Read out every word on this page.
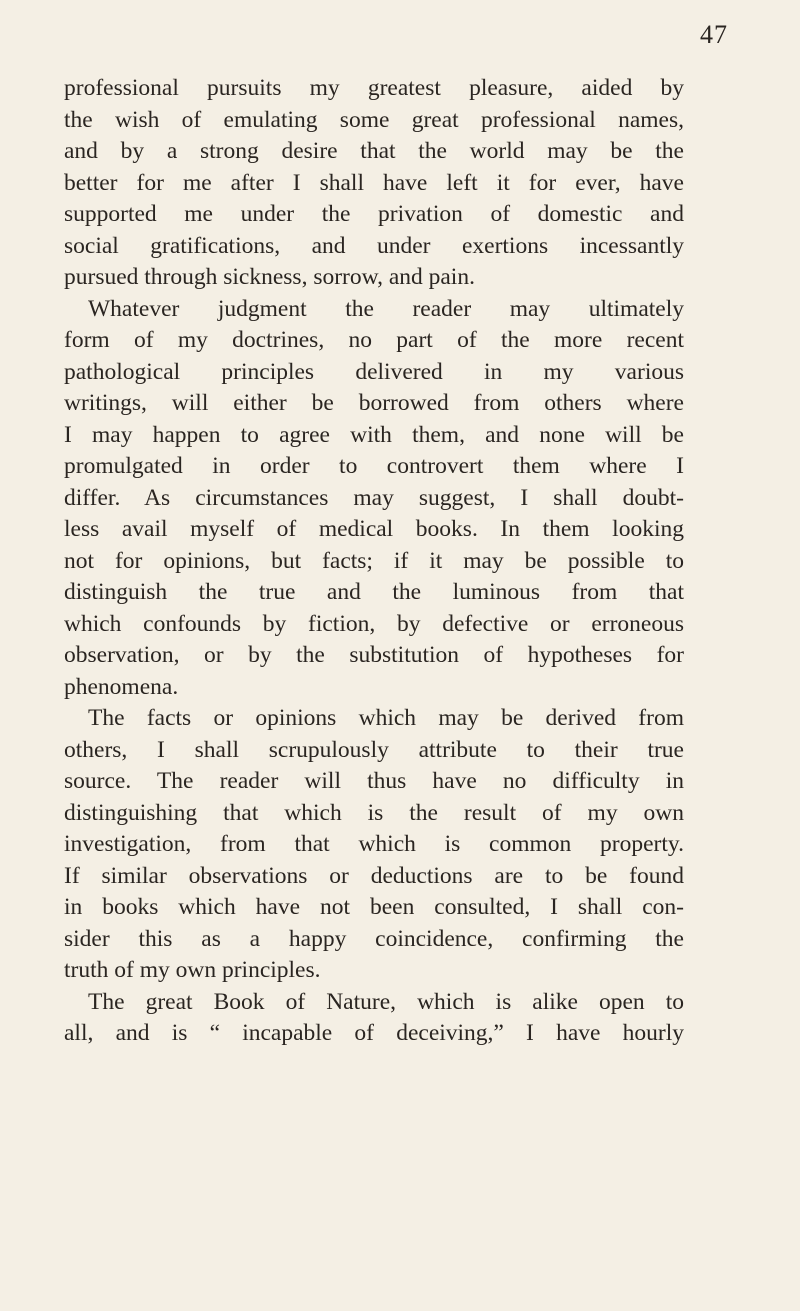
47
professional pursuits my greatest pleasure, aided by
the wish of emulating some great professional names,
and by a strong desire that the world may be the
better for me after I shall have left it for ever, have
supported me under the privation of domestic and
social gratifications, and under exertions incessantly
pursued through sickness, sorrow, and pain.
Whatever judgment the reader may ultimately
form of my doctrines, no part of the more recent
pathological principles delivered in my various
writings, will either be borrowed from others where
I may happen to agree with them, and none will be
promulgated in order to controvert them where I
differ. As circumstances may suggest, I shall doubt-
less avail myself of medical books. In them looking
not for opinions, but facts; if it may be possible to
distinguish the true and the luminous from that
which confounds by fiction, by defective or erroneous
observation, or by the substitution of hypotheses for
phenomena.
The facts or opinions which may be derived from
others, I shall scrupulously attribute to their true
source. The reader will thus have no difficulty in
distinguishing that which is the result of my own
investigation, from that which is common property.
If similar observations or deductions are to be found
in books which have not been consulted, I shall con-
sider this as a happy coincidence, confirming the
truth of my own principles.
The great Book of Nature, which is alike open to
all, and is “ incapable of deceiving,” I have hourly
